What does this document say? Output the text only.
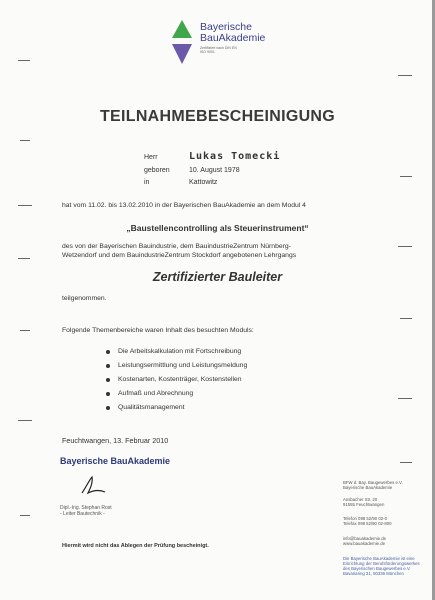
Bayerische
BauAkademie
Zertifiziert nach DIN EN ISO 9001
TEILNAHMEBESCHEINIGUNG
Herr	Lukas Tomecki
geboren	10. August 1978
in	Kattowitz
hat vom 11.02. bis 13.02.2010 in der Bayerischen BauAkademie an dem Modul 4
„Baustellencontrolling als Steuerinstrument“
des von der Bayerischen Bauindustrie, dem BauindustrieZentrum Nürnberg-
Wetzendorf und dem BauindustrieZentrum Stockdorf angebotenen Lehrgangs
Zertifizierter Bauleiter
teilgenommen.
Folgende Themenbereiche waren Inhalt des besuchten Moduls:
Die Arbeitskalkulation mit Fortschreibung
Leistungsermittlung und Leistungsmeldung
Kostenarten, Kostenträger, Kostenstellen
Aufmaß und Abrechnung
Qualitätsmanagement
Feuchtwangen, 13. Februar 2010
Bayerische BauAkademie
Dipl.-Ing. Stephan Rost
- Leiter Bautechnik -
Hiermit wird nicht das Ablegen der Prüfung bescheinigt.
BFW d. Bay. Baugewerbes e.V.
Bayerische BauAkademie
Ansbacher Str. 20
91555 Feuchtwangen
Telefon 098 52/90 02-0
Telefax 098 52/90 02-800
info@bauakademie.de
www.bauakademie.de
Die Bayerische BauAkademie ist eine
Einrichtung der Berufsförderungswerkes
des Bayerischen Baugewerbes e.V.
Bavariaring 31, 80336 München
